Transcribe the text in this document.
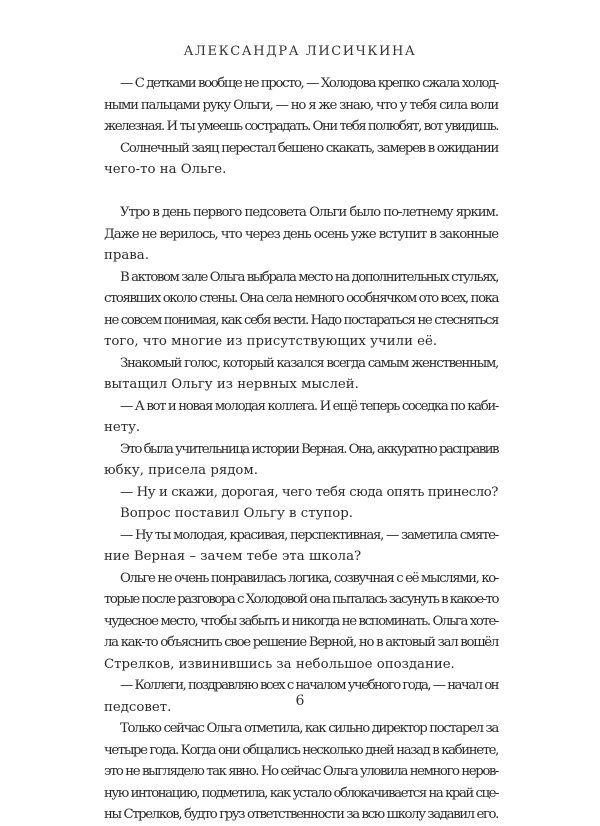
АЛЕКСАНДРА ЛИСИЧКИНА
— С детками вообще не просто, — Холодова крепко сжала холод-
ными пальцами руку Ольги, — но я же знаю, что у тебя сила воли
железная. И ты умеешь сострадать. Они тебя полюбят, вот увидишь.
Солнечный заяц перестал бешено скакать, замерев в ожидании
чего-то на Ольге.
Утро в день первого педсовета Ольги было по-летнему ярким.
Даже не верилось, что через день осень уже вступит в законные
права.
В актовом зале Ольга выбрала место на дополнительных стульях,
стоявших около стены. Она села немного особнячком ото всех, пока
не совсем понимая, как себя вести. Надо постараться не стесняться
того, что многие из присутствующих учили её.
Знакомый голос, который казался всегда самым женственным,
вытащил Ольгу из нервных мыслей.
— А вот и новая молодая коллега. И ещё теперь соседка по каби-
нету.
Это была учительница истории Верная. Она, аккуратно расправив
юбку, присела рядом.
— Ну и скажи, дорогая, чего тебя сюда опять принесло?
Вопрос поставил Ольгу в ступор.
— Ну ты молодая, красивая, перспективная, — заметила смяте-
ние Верная – зачем тебе эта школа?
Ольге не очень понравилась логика, созвучная с её мыслями, ко-
торые после разговора с Холодовой она пыталась засунуть в какое-то
чудесное место, чтобы забыть и никогда не вспоминать. Ольга хоте-
ла как-то объяснить свое решение Верной, но в актовый зал вошёл
Стрелков, извинившись за небольшое опоздание.
— Коллеги, поздравляю всех с началом учебного года, — начал он
педсовет.
Только сейчас Ольга отметила, как сильно директор постарел за
четыре года. Когда они общались несколько дней назад в кабинете,
это не выглядело так явно. Но сейчас Ольга уловила немного неров-
ную интонацию, подметила, как устало облокачивается на край сце-
ны Стрелков, будто груз ответственности за всю школу задавил его.
6
